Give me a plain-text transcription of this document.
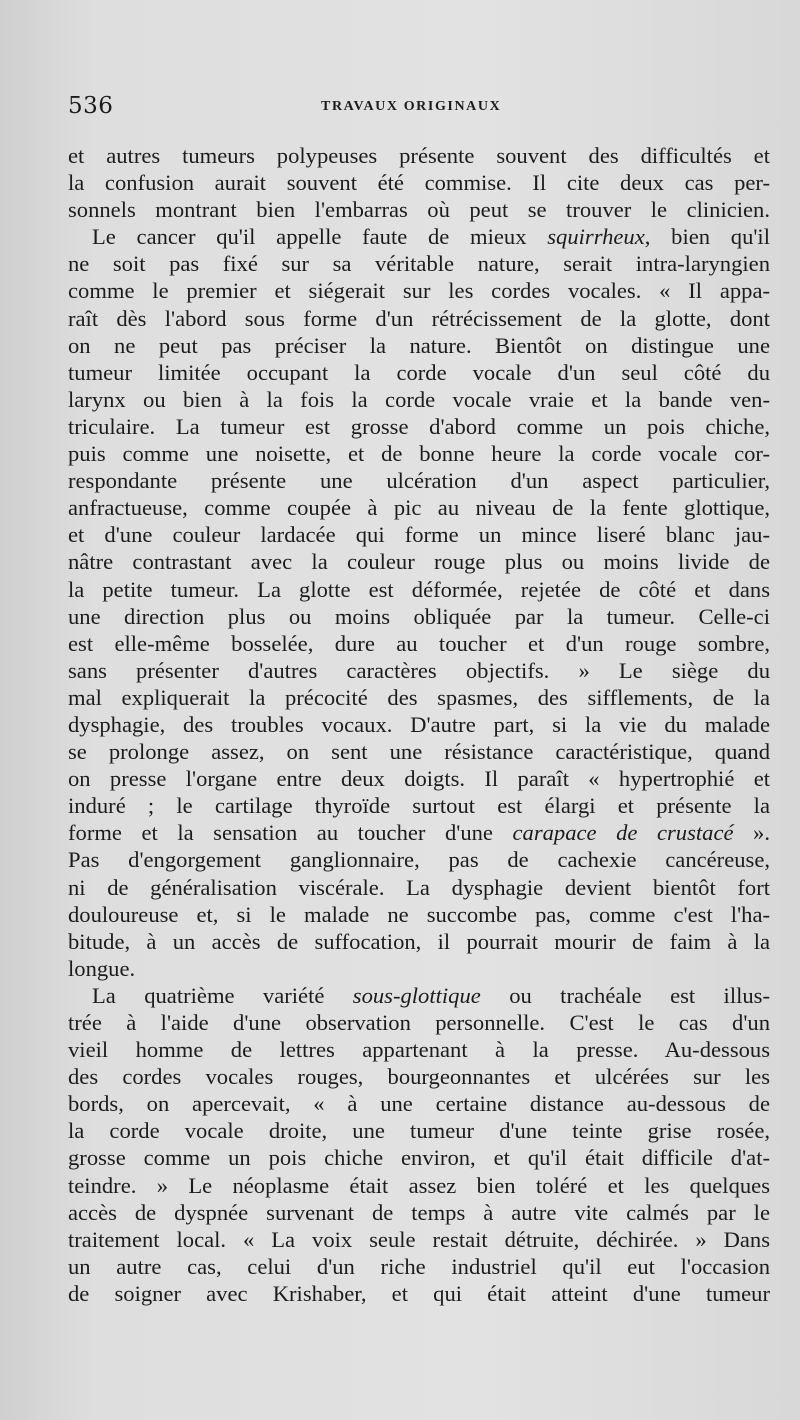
536	TRAVAUX ORIGINAUX
et autres tumeurs polypeuses présente souvent des difficultés et
la confusion aurait souvent été commise. Il cite deux cas per-
sonnels montrant bien l'embarras où peut se trouver le clinicien.
Le cancer qu'il appelle faute de mieux squirrheux, bien qu'il
ne soit pas fixé sur sa véritable nature, serait intra-laryngien
comme le premier et siégerait sur les cordes vocales. « Il appa-
raît dès l'abord sous forme d'un rétrécissement de la glotte, dont
on ne peut pas préciser la nature. Bientôt on distingue une
tumeur limitée occupant la corde vocale d'un seul côté du
larynx ou bien à la fois la corde vocale vraie et la bande ven-
triculaire. La tumeur est grosse d'abord comme un pois chiche,
puis comme une noisette, et de bonne heure la corde vocale cor-
respondante présente une ulcération d'un aspect particulier,
anfractueuse, comme coupée à pic au niveau de la fente glottique,
et d'une couleur lardacée qui forme un mince liseré blanc jau-
nâtre contrastant avec la couleur rouge plus ou moins livide de
la petite tumeur. La glotte est déformée, rejetée de côté et dans
une direction plus ou moins obliquée par la tumeur. Celle-ci
est elle-même bosselée, dure au toucher et d'un rouge sombre,
sans présenter d'autres caractères objectifs. » Le siège du
mal expliquerait la précocité des spasmes, des sifflements, de la
dysphagie, des troubles vocaux. D'autre part, si la vie du malade
se prolonge assez, on sent une résistance caractéristique, quand
on presse l'organe entre deux doigts. Il paraît « hypertrophié et
induré ; le cartilage thyroïde surtout est élargi et présente la
forme et la sensation au toucher d'une carapace de crustacé ».
Pas d'engorgement ganglionnaire, pas de cachexie cancéreuse,
ni de généralisation viscérale. La dysphagie devient bientôt fort
douloureuse et, si le malade ne succombe pas, comme c'est l'ha-
bitude, à un accès de suffocation, il pourrait mourir de faim à la
longue.
La quatrième variété sous-glottique ou trachéale est illus-
trée à l'aide d'une observation personnelle. C'est le cas d'un
vieil homme de lettres appartenant à la presse. Au-dessous
des cordes vocales rouges, bourgeonnantes et ulcérées sur les
bords, on apercevait, « à une certaine distance au-dessous de
la corde vocale droite, une tumeur d'une teinte grise rosée,
grosse comme un pois chiche environ, et qu'il était difficile d'at-
teindre. » Le néoplasme était assez bien toléré et les quelques
accès de dyspnée survenant de temps à autre vite calmés par le
traitement local. « La voix seule restait détruite, déchirée. » Dans
un autre cas, celui d'un riche industriel qu'il eut l'occasion
de soigner avec Krishaber, et qui était atteint d'une tumeur
